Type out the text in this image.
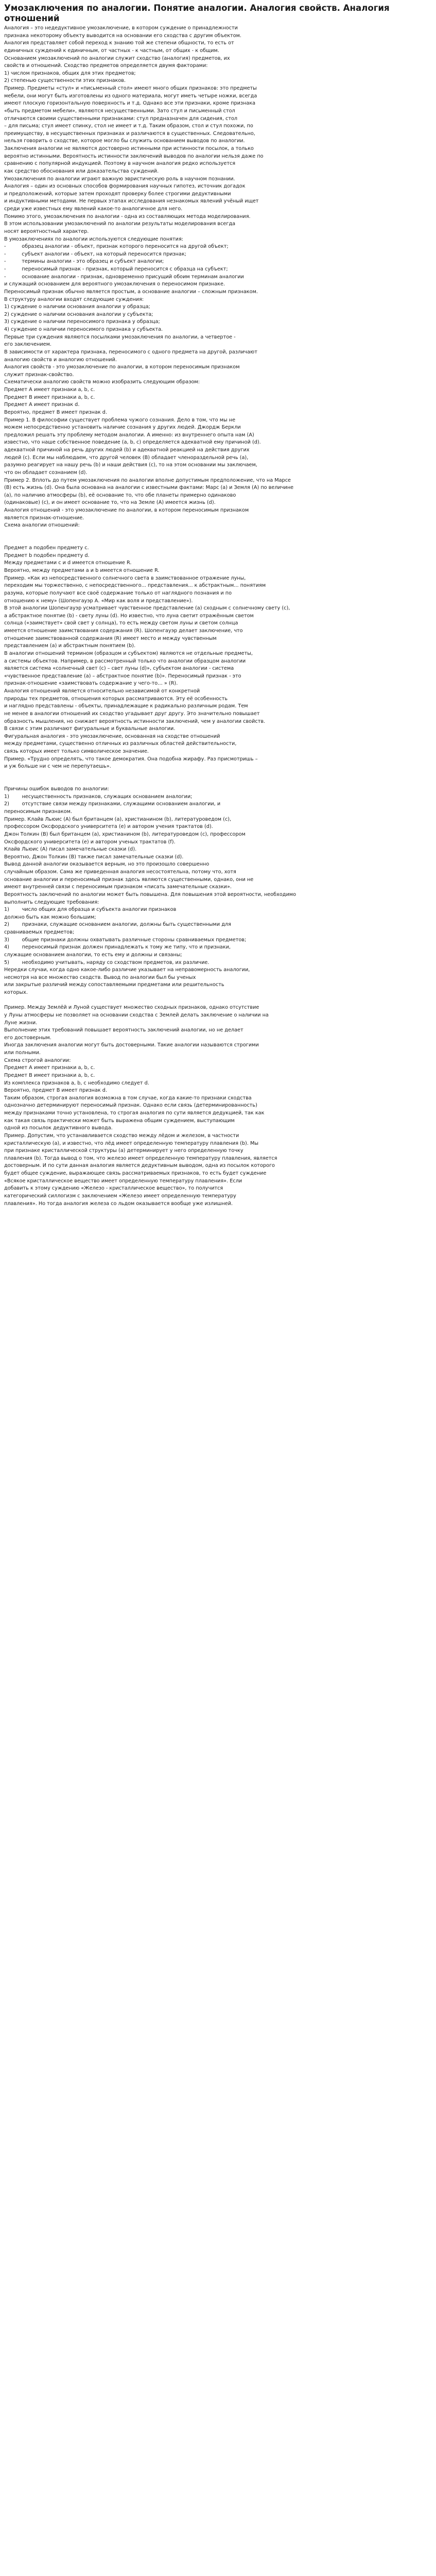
Умозаключения по аналогии. Понятие аналогии. Аналогия свойств. Аналогия отношений

Аналогия – это недедуктивное умозаключение, в котором суждение о принадлежности

признака некоторому объекту выводится на основании его сходства с другим объектом.

Аналогия представляет собой переход к знанию той же степени общности, то есть от

единичных суждений к единичным, от частных - к частным, от общих - к общим.

Основанием умозаключений по аналогии служит сходство (аналогия) предметов, их

свойств и отношений. Сходство предметов определяется двумя факторами:

1) числом признаков, общих для этих предметов;

2) степенью существенности этих признаков.

Пример. Предметы «стул» и «письменный стол» имеют много общих признаков: это предметы

мебели, они могут быть изготовлены из одного материала, могут иметь четыре ножки, всегда

имеют плоскую горизонтальную поверхность и т.д. Однако все эти признаки, кроме признака

«быть предметом мебели», являются несущественными. Зато стул и письменный стол

отличаются своими существенными признаками: стул предназначен для сидения, стол

– для письма; стул имеет спинку, стол не имеет и т.д. Таким образом, стол и стул похожи, по

преимуществу, в несущественных признаках и различаются в существенных. Следовательно,

нельзя говорить о сходстве, которое могло бы служить основанием выводов по аналогии.

Заключения аналогии не являются достоверно истинными при истинности посылок, а только

вероятно истинными. Вероятность истинности заключений выводов по аналогии нельзя даже по

сравнению с популярной индукцией. Поэтому в научном аналогия редко используется

как средство обоснования или доказательства суждений.

Умозаключения по аналогии играют важную эвристическую роль в научном познании.

Аналогия – один из основных способов формирования научных гипотез, источник догадок

и предположений, которые затем проходят проверку более строгими дедуктивными

и индуктивными методами. Не первых этапах исследования незнакомых явлений учёный ищет

среди уже известных ему явлений какое-то аналогичное для него.

Помимо этого, умозаключения по аналогии - одна из составляющих метода моделирования.

В этом использовании умозаключений по аналогии результаты моделирования всегда

носят вероятностный характер.

В умозаключениях по аналогии используются следующие понятия:

-          образец аналогии - объект, признак которого переносится на другой объект;

-          субъект аналогии - объект, на который переносится признак;

-          термины аналогии - это образец и субъект аналогии;

-          переносимый признак - признак, который переносится с образца на субъект;

-          основание аналогии - признак, одновременно присущий обоим терминам аналогии

и служащий основанием для вероятного умозаключения о переносимом признаке.

Переносимый признак обычно является простым, а основание аналогии – сложным признаком.

В структуру аналогии входят следующие суждения:

1) суждение о наличии основания аналогии у образца;

2) суждение о наличии основания аналогии у субъекта;

3) суждение о наличии переносимого признака у образца;

4) суждение о наличии переносимого признака у субъекта.

Первые три суждения являются посылками умозаключения по аналогии, а четвертое -

его заключением.

В зависимости от характера признака, переносимого с одного предмета на другой, различают

аналогию свойств и аналогию отношений.

Аналогия свойств - это умозаключение по аналогии, в котором переносимым признаком

служит признак-свойство.

Схематически аналогию свойств можно изобразить следующим образом:

Предмет А имеет признаки a, b, c.

Предмет В имеет признаки a, b, c.

Предмет А имеет признак d.

Вероятно, предмет В имеет признак d.

Пример 1. В философии существует проблема чужого сознания. Дело в том, что мы не

можем непосредственно установить наличие сознания у других людей. Джордж Беркли

предложил решать эту проблему методом аналогии. А именно: из внутреннего опыта нам (А)

известно, что наше собственное поведение (a, b, c) определяется адекватной ему причиной (d).

адекватной причиной на речь других людей (b) и адекватной реакцией на действия других

людей (c). Если мы наблюдаем, что другой человек (В) обладает членораздельной речь (a),

разумно реагирует на нашу речь (b) и наши действия (c), то на этом основании мы заключаем,

что он обладает сознанием (d).

Пример 2. Вплоть до путем умозаключения по аналогии вполне допустимым предположение, что на Марсе

(В) есть жизнь (d). Она была основана на аналогии с известными фактами: Марс (a) и Земля (А) по величине

(a), по наличию атмосферы (b), её основание то, что обе планеты примерно одинаково

(одинаковые) (c), и он имеет основание то, что на Земле (А) имеется жизнь (d).

Аналогия отношений - это умозаключение по аналогии, в котором переносимым признаком

является признак-отношение.

Схема аналогии отношений:

Предмет а подобен предмету c.

Предмет b подобен предмету d.

Между предметами с и d имеется отношение R.

Вероятно, между предметами а и b имеется отношение R.

Пример. «Как из непосредственного солнечного света в заимствованное отражение луны,

переходим мы торжественно, с непосредственного... представления... к абстрактным... понятиям

разума, которые получают все своё содержание только от наглядного познания и по

отношению к нему» (Шопенгауэр А. «Мир как воля и представление»).

В этой аналогии Шопенгауэр усматривает чувственное представление (а) сходным с солнечному свету (с),

а абстрактное понятие (b) - свету луны (d). Но известно, что луна светит отражённым светом

солнца («заимствует» свой свет у солнца), то есть между светом луны и светом солнца

имеется отношение заимствования содержания (R). Шопенгауэр делает заключение, что

отношение заимствованной содержания (R) имеет место и между чувственным

представлением (а) и абстрактным понятием (b).

В аналогии отношений термином (образцом и субъектом) являются не отдельные предметы,

а системы объектов. Например, в рассмотренный только что аналогии образцом аналогии

является система «солнечный свет (с) – свет луны (d)», субъектом аналогии - система

«чувственное представление (а) – абстрактное понятие (b)». Переносимый признак - это

признак-отношение «заимствовать содержание у чего-то… » (R).

Аналогия отношений является относительно независимой от конкретной

природы тех предметов, отношения которых рассматриваются. Эту её особенность

и наглядно представлены - объекты, принадлежащие к радикально различным родам. Тем

не менее в аналогии отношений их сходство угадывает друг другу. Это значительно повышает

образность мышления, но снижает вероятность истинности заключений, чем у аналогии свойств.

В связи с этим различают фигуральные и буквальные аналогии.

Фигуральная аналогия - это умозаключение, основанная на сходстве отношений

между предметами, существенно отличных из различных областей действительности,

связь которых имеет только символическое значение.

Пример. «Трудно определять, что такое демократия. Она подобна жирафу. Раз присмотришь –

и уж больше ни с чем не перепутаешь».

Причины ошибок выводов по аналогии:

1)        несущественность признаков, служащих основанием аналогии;

2)        отсутствие связи между признаками, служащими основанием аналогии, и

переносимым признаком.

Пример. Клайв Льюис (А) был британцем (а), христианином (b), литературоведом (с),

профессором Оксфордского университета (е) и автором учения трактатов (d).

Джон Толкин (В) был британцем (а), христианином (b), литературоведом (с), профессором

Оксфордского университета (е) и автором ученых трактатов (f).

Клайв Льюис (А) писал замечательные сказки (d).

Вероятно, Джон Толкин (В) также писал замечательные сказки (d).

Вывод данной аналогии оказывается верным, но это произошло совершенно

случайным образом. Сама же приведенная аналогия несостоятельна, потому что, хотя

основание аналогии и переносимый признак здесь являются существенными, однако, они не

имеют внутренней связи с переносимым признаком «писать замечательные сказки».

Вероятность заключений по аналогии может быть повышена. Для повышения этой вероятности, необходимо

выполнить следующие требования:

1)        число общих для образца и субъекта аналогии признаков

должно быть как можно большим;

2)        признаки, служащие основанием аналогии, должны быть существенными для

сравниваемых предметов;

3)        общие признаки должны охватывать различные стороны сравниваемых предметов;

4)        переносимый признак должен принадлежать к тому же типу, что и признаки,

служащие основанием аналогии, то есть ему и должны и связаны;

5)        необходимо учитывать, наряду со сходством предметов, их различие.

Нередки случаи, когда одно какое-либо различие указывает на неправомерность аналогии,

несмотря на все множество сходств. Вывод по аналогии был бы ученых

или закрытые различий между сопоставляемыми предметами или решительность

которых.

Пример. Между Землёй и Луной существует множество сходных признаков, однако отсутствие

у Луны атмосферы не позволяет на основании сходства с Землей делать заключение о наличии на

Луне жизни.

Выполнение этих требований повышает вероятность заключений аналогии, но не делает

его достоверным.

Иногда заключения аналогии могут быть достоверными. Такие аналогии называются строгими

или полными.

Схема строгой аналогии:

Предмет А имеет признаки a, b, c.

Предмет В имеет признаки a, b, c.

Из комплекса признаков a, b, c необходимо следует d.

Вероятно, предмет В имеет признак d.

Таким образом, строгая аналогия возможна в том случае, когда какие-то признаки сходства

однозначно детерминируют переносимый признак. Однако если связь (детерминированность)

между признаками точно установлена, то строгая аналогия по сути является дедукцией, так как

как такая связь практически может быть выражена общим суждением, выступающим

одной из посылок дедуктивного вывода.

Пример. Допустим, что устанавливается сходство между лёдом и железом, в частности

кристаллическую (а), и известно, что лёд имеет определенную температуру плавления (b). Мы

при признаке кристаллической структуры (а) детерминирует у него определенную точку

плавления (b). Тогда вывод о том, что железо имеет определенную температуру плавления, является

достоверным. И по сути данная аналогия является дедуктивным выводом, одна из посылок которого

будет общее суждение, выражающее связь рассматриваемых признаков, то есть будет суждение

«Всякое кристаллическое вещество имеет определенную температуру плавления». Если

добавить к этому суждению «Железо - кристаллическое вещество», то получится

категорический силлогизм с заключением «Железо имеет определенную температуру

плавления». Но тогда аналогия железа со льдом оказывается вообще уже излишней.
